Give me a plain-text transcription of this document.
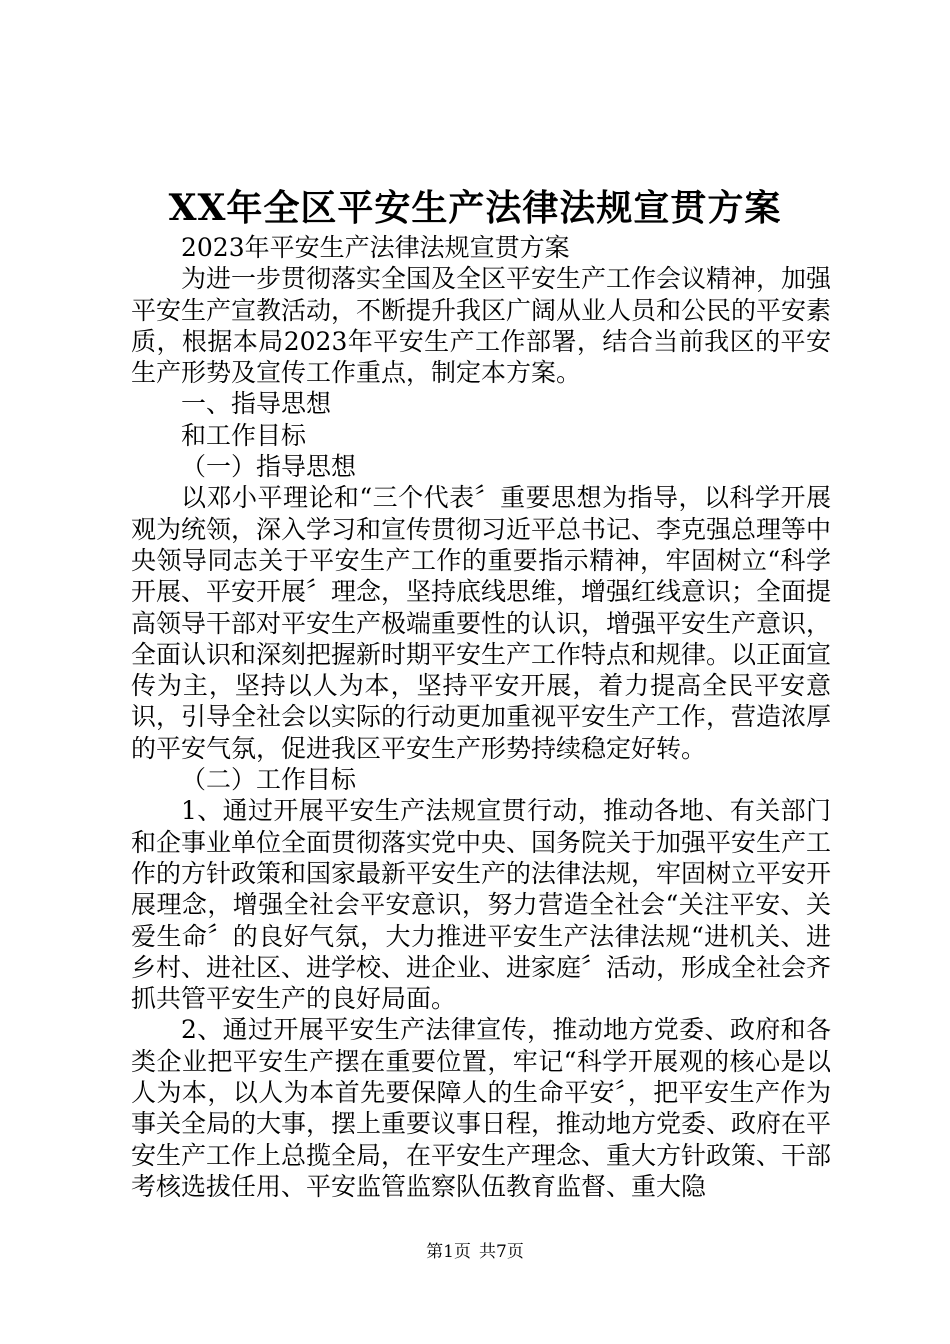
XX年全区平安生产法律法规宣贯方案

2023年平安生产法律法规宣贯方案

为进一步贯彻落实全国及全区平安生产工作会议精神，加强平安生产宣教活动，不断提升我区广阔从业人员和公民的平安素质，根据本局2023年平安生产工作部署，结合当前我区的平安生产形势及宣传工作重点，制定本方案。

一、指导思想

和工作目标

（一）指导思想

以邓小平理论和“三个代表〞重要思想为指导，以科学开展观为统领，深入学习和宣传贯彻习近平总书记、李克强总理等中央领导同志关于平安生产工作的重要指示精神，牢固树立“科学开展、平安开展〞理念，坚持底线思维，增强红线意识；全面提高领导干部对平安生产极端重要性的认识，增强平安生产意识，全面认识和深刻把握新时期平安生产工作特点和规律。以正面宣传为主，坚持以人为本，坚持平安开展，着力提高全民平安意识，引导全社会以实际的行动更加重视平安生产工作，营造浓厚的平安气氛，促进我区平安生产形势持续稳定好转。

（二）工作目标

1、通过开展平安生产法规宣贯行动，推动各地、有关部门和企事业单位全面贯彻落实党中央、国务院关于加强平安生产工作的方针政策和国家最新平安生产的法律法规，牢固树立平安开展理念，增强全社会平安意识，努力营造全社会“关注平安、关爱生命〞的良好气氛，大力推进平安生产法律法规“进机关、进乡村、进社区、进学校、进企业、进家庭〞活动，形成全社会齐抓共管平安生产的良好局面。

2、通过开展平安生产法律宣传，推动地方党委、政府和各类企业把平安生产摆在重要位置，牢记“科学开展观的核心是以人为本，以人为本首先要保障人的生命平安〞，把平安生产作为事关全局的大事，摆上重要议事日程，推动地方党委、政府在平安生产工作上总揽全局，在平安生产理念、重大方针政策、干部考核选拔任用、平安监管监察队伍教育监督、重大隐

第1页 共7页
